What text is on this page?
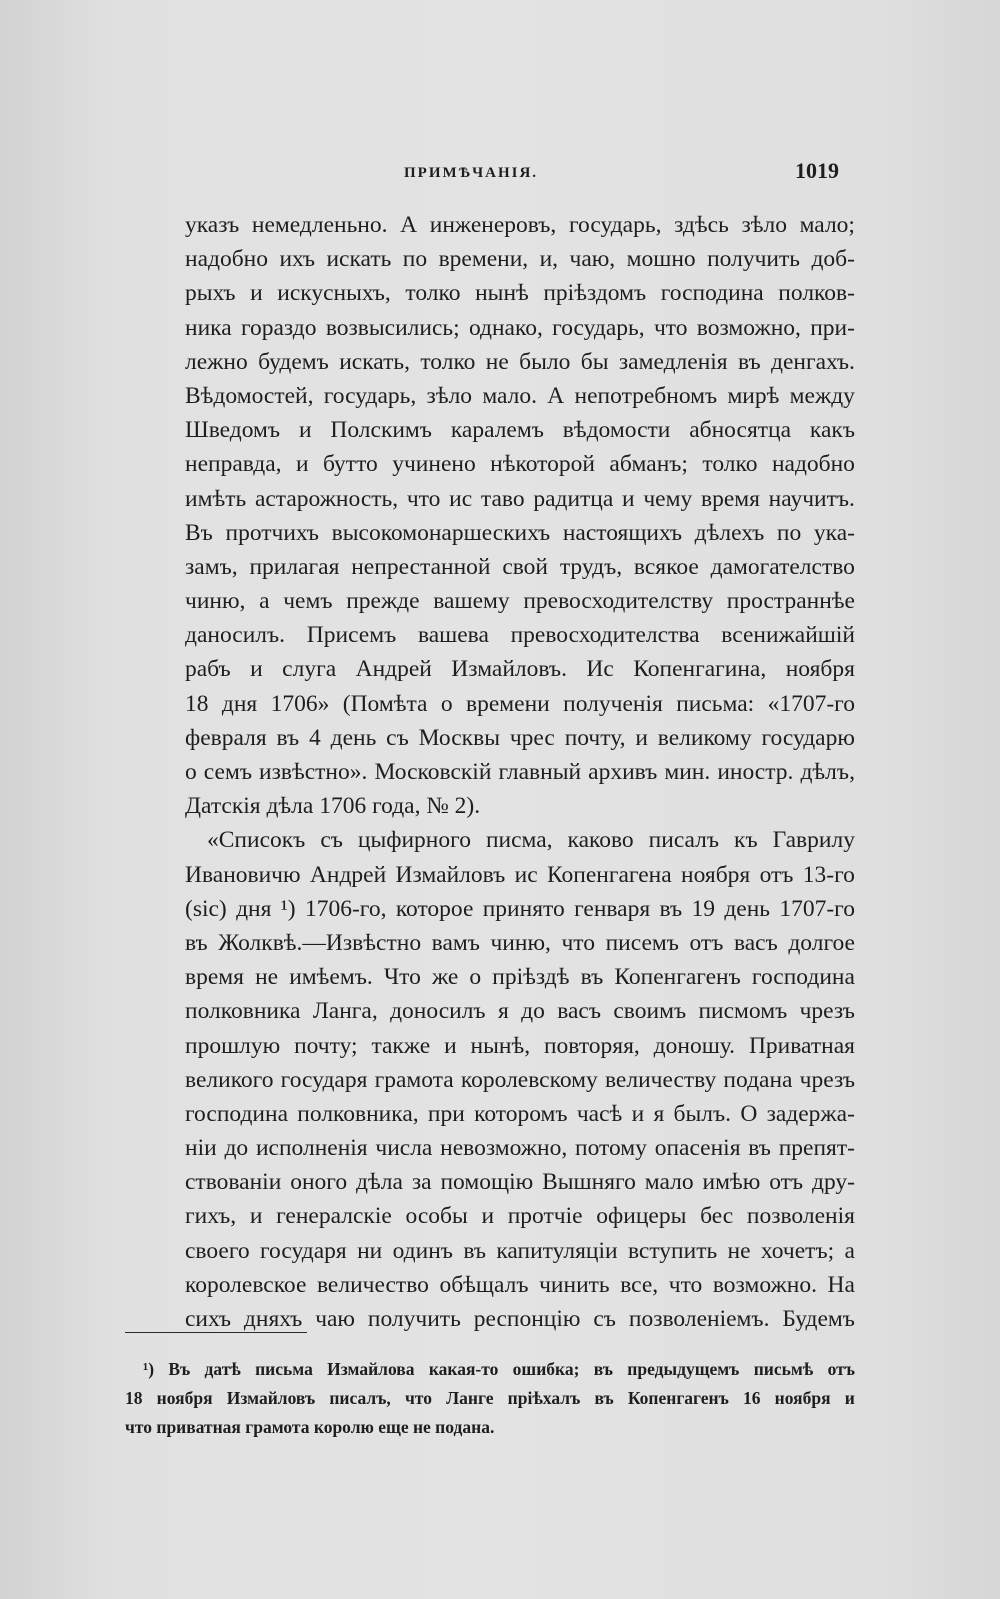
ПРИМѢЧАНІЯ.	1019
указъ немедленьно. А инженеровъ, государь, здѣсь зѣло мало;
надобно ихъ искать по времени, и, чаю, мошно получить доб-
рыхъ и искусныхъ, толко нынѣ пріѣздомъ господина полков-
ника гораздо возвысились; однако, государь, что возможно, при-
лежно будемъ искать, толко не было бы замедленія въ денгахъ.
Вѣдомостей, государь, зѣло мало. А непотребномъ мирѣ между
Шведомъ и Полскимъ каралемъ вѣдомости абносятца какъ
неправда, и бутто учинено нѣкоторой абманъ; толко надобно
имѣть астарожность, что ис таво радитца и чему время научитъ.
Въ протчихъ высокомонаршескихъ настоящихъ дѣлехъ по ука-
замъ, прилагая непрестанной свой трудъ, всякое дамогателство
чиню, а чемъ прежде вашему превосходителству пространнѣе
даносилъ. Присемъ вашева превосходителства всенижайшій
рабъ и слуга Андрей Измайловъ. Ис Копенгагина, ноября
18 дня 1706» (Помѣта о времени полученія письма: «1707-го
февраля въ 4 день съ Москвы чрес почту, и великому государю
о семъ извѣстно». Московскій главный архивъ мин. иностр. дѣлъ,
Датскія дѣла 1706 года, № 2).
«Списокъ съ цыфирного писма, каково писалъ къ Гаврилу
Ивановичю Андрей Измайловъ ис Копенгагена ноября отъ 13-го
(sic) дня ¹) 1706-го, которое принято генваря въ 19 день 1707-го
въ Жолквѣ.—Извѣстно вамъ чиню, что писемъ отъ васъ долгое
время не имѣемъ. Что же о пріѣздѣ въ Копенгагенъ господина
полковника Ланга, доносилъ я до васъ своимъ писмомъ чрезъ
прошлую почту; также и нынѣ, повторяя, доношу. Приватная
великого государя грамота королевскому величеству подана чрезъ
господина полковника, при которомъ часѣ и я былъ. О задержа-
ніи до исполненія числа невозможно, потому опасенія въ препят-
ствованіи оного дѣла за помощію Вышняго мало имѣю отъ дру-
гихъ, и генералскіе особы и протчіе офицеры бес позволенія
своего государя ни одинъ въ капитуляціи вступить не хочетъ; а
королевское величество обѣщалъ чинить все, что возможно. На
сихъ дняхъ чаю получить респонцію съ позволеніемъ. Будемъ
¹) Въ датѣ письма Измайлова какая-то ошибка; въ предыдущемъ письмѣ отъ
18 ноября Измайловъ писалъ, что Ланге пріѣхалъ въ Копенгагенъ 16 ноября и
что приватная грамота королю еще не подана.
